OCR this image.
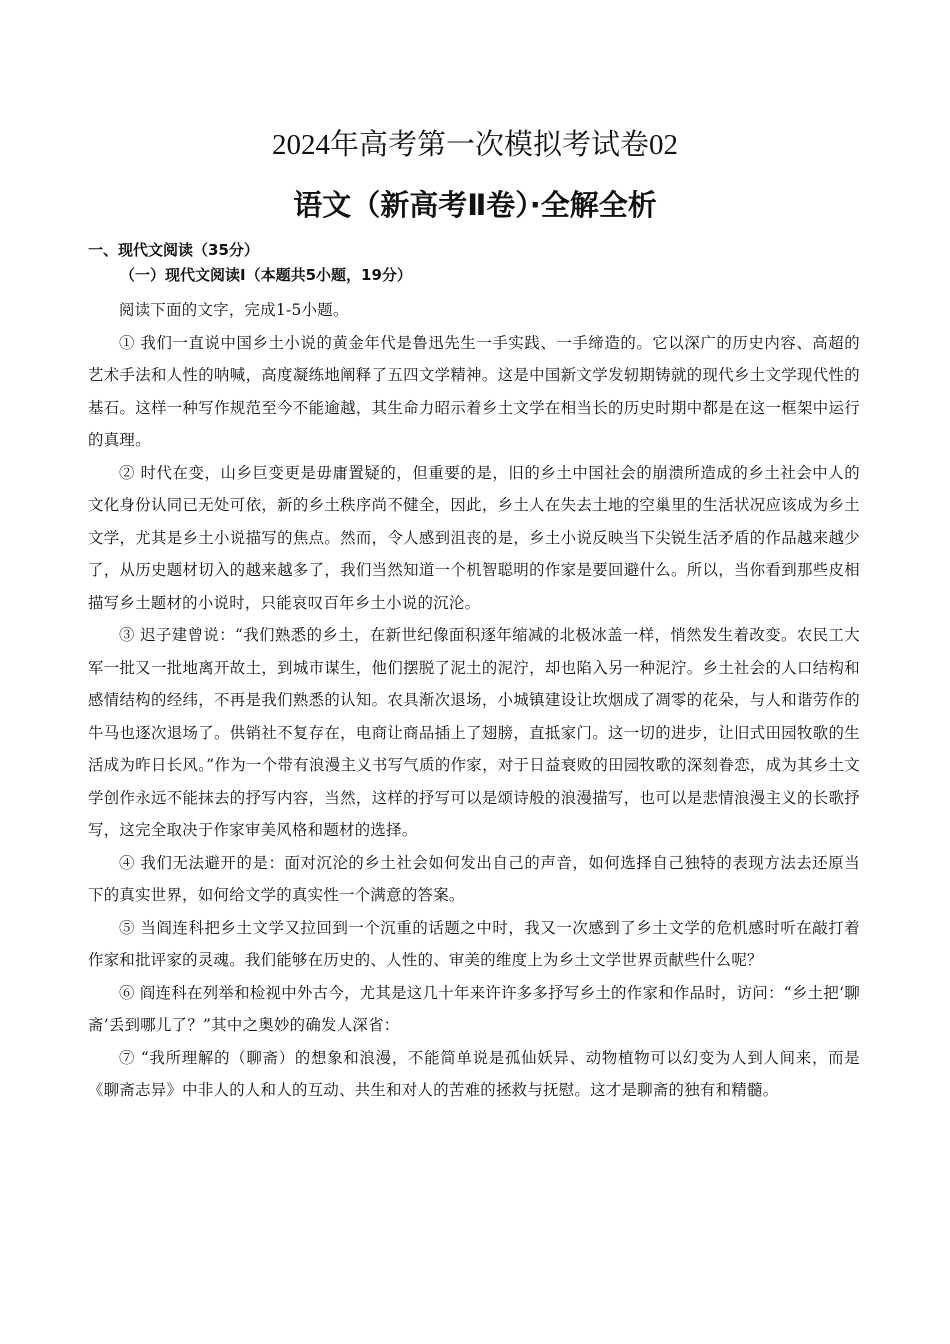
2024年高考第一次模拟考试卷02
语文（新高考Ⅱ卷）·全解全析
一、现代文阅读（35分）
（一）现代文阅读Ⅰ（本题共5小题，19分）

阅读下面的文字，完成1-5小题。

① 我们一直说中国乡土小说的黄金年代是鲁迅先生一手实践、一手缔造的。它以深广的历史内容、高超的艺术手法和人性的呐喊，高度凝练地阐释了五四文学精神。这是中国新文学发轫期铸就的现代乡土文学现代性的基石。这样一种写作规范至今不能逾越，其生命力昭示着乡土文学在相当长的历史时期中都是在这一框架中运行的真理。

② 时代在变，山乡巨变更是毋庸置疑的，但重要的是，旧的乡土中国社会的崩溃所造成的乡土社会中人的文化身份认同已无处可依，新的乡土秩序尚不健全，因此，乡土人在失去土地的空巢里的生活状况应该成为乡土文学，尤其是乡土小说描写的焦点。然而，令人感到沮丧的是，乡土小说反映当下尖锐生活矛盾的作品越来越少了，从历史题材切入的越来越多了，我们当然知道一个机智聪明的作家是要回避什么。所以，当你看到那些皮相描写乡土题材的小说时，只能哀叹百年乡土小说的沉沦。

③ 迟子建曾说：“我们熟悉的乡土，在新世纪像面积逐年缩减的北极冰盖一样，悄然发生着改变。农民工大军一批又一批地离开故土，到城市谋生，他们摆脱了泥土的泥泞，却也陷入另一种泥泞。乡土社会的人口结构和感情结构的经纬，不再是我们熟悉的认知。农具渐次退场，小城镇建设让坎烟成了凋零的花朵，与人和谐劳作的牛马也逐次退场了。供销社不复存在，电商让商品插上了翅膀，直抵家门。这一切的进步，让旧式田园牧歌的生活成为昨日长风。”作为一个带有浪漫主义书写气质的作家，对于日益衰败的田园牧歌的深刻眷恋，成为其乡土文学创作永远不能抹去的抒写内容，当然，这样的抒写可以是颂诗般的浪漫描写，也可以是悲情浪漫主义的长歌抒写，这完全取决于作家审美风格和题材的选择。

④ 我们无法避开的是：面对沉沦的乡土社会如何发出自己的声音，如何选择自己独特的表现方法去还原当下的真实世界，如何给文学的真实性一个满意的答案。

⑤ 当阎连科把乡土文学又拉回到一个沉重的话题之中时，我又一次感到了乡土文学的危机感时听在敲打着作家和批评家的灵魂。我们能够在历史的、人性的、审美的维度上为乡土文学世界贡献些什么呢？

⑥ 阎连科在列举和检视中外古今，尤其是这几十年来许许多多抒写乡土的作家和作品时，访问：“乡土把‘聊斋’丢到哪儿了？”其中之奥妙的确发人深省：

⑦ “我所理解的（聊斋）的想象和浪漫，不能简单说是孤仙妖异、动物植物可以幻变为人到人间来，而是《聊斋志异》中非人的人和人的互动、共生和对人的苦难的拯救与抚慰。这才是聊斋的独有和精髓。
